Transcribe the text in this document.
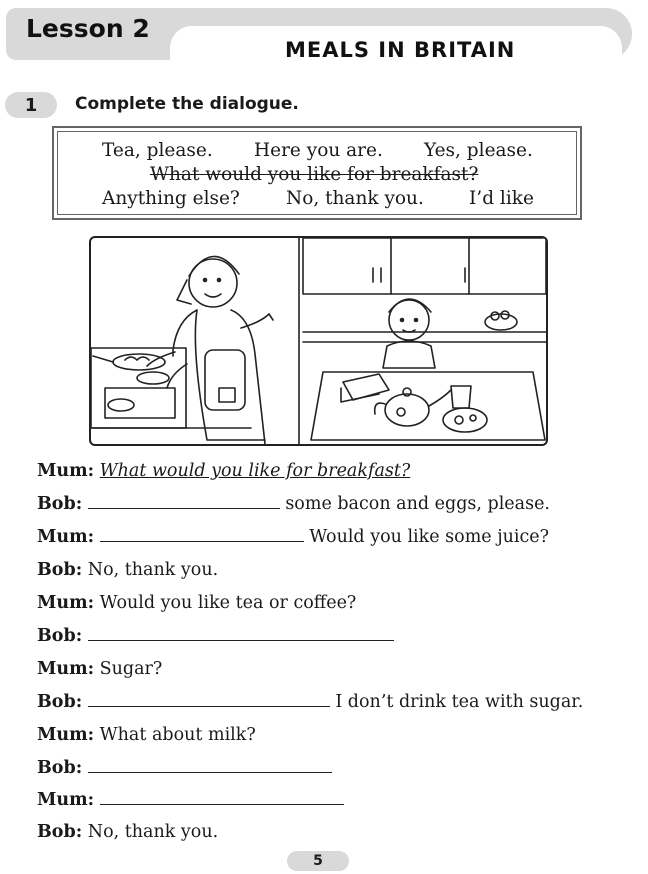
Lesson 2
MEALS IN BRITAIN
1	Complete the dialogue.
Tea, please. Here you are. Yes, please.
What would you like for breakfast?
Anything else? No, thank you. I’d like
Mum: What would you like for breakfast?
Bob:	some bacon and eggs, please.
Mum:	Would you like some juice?
Bob: No, thank you.
Mum: Would you like tea or coffee?
Bob:
Mum: Sugar?
Bob:	I don’t drink tea with sugar.
Mum: What about milk?
Bob:
Mum:
Bob: No, thank you.
5
